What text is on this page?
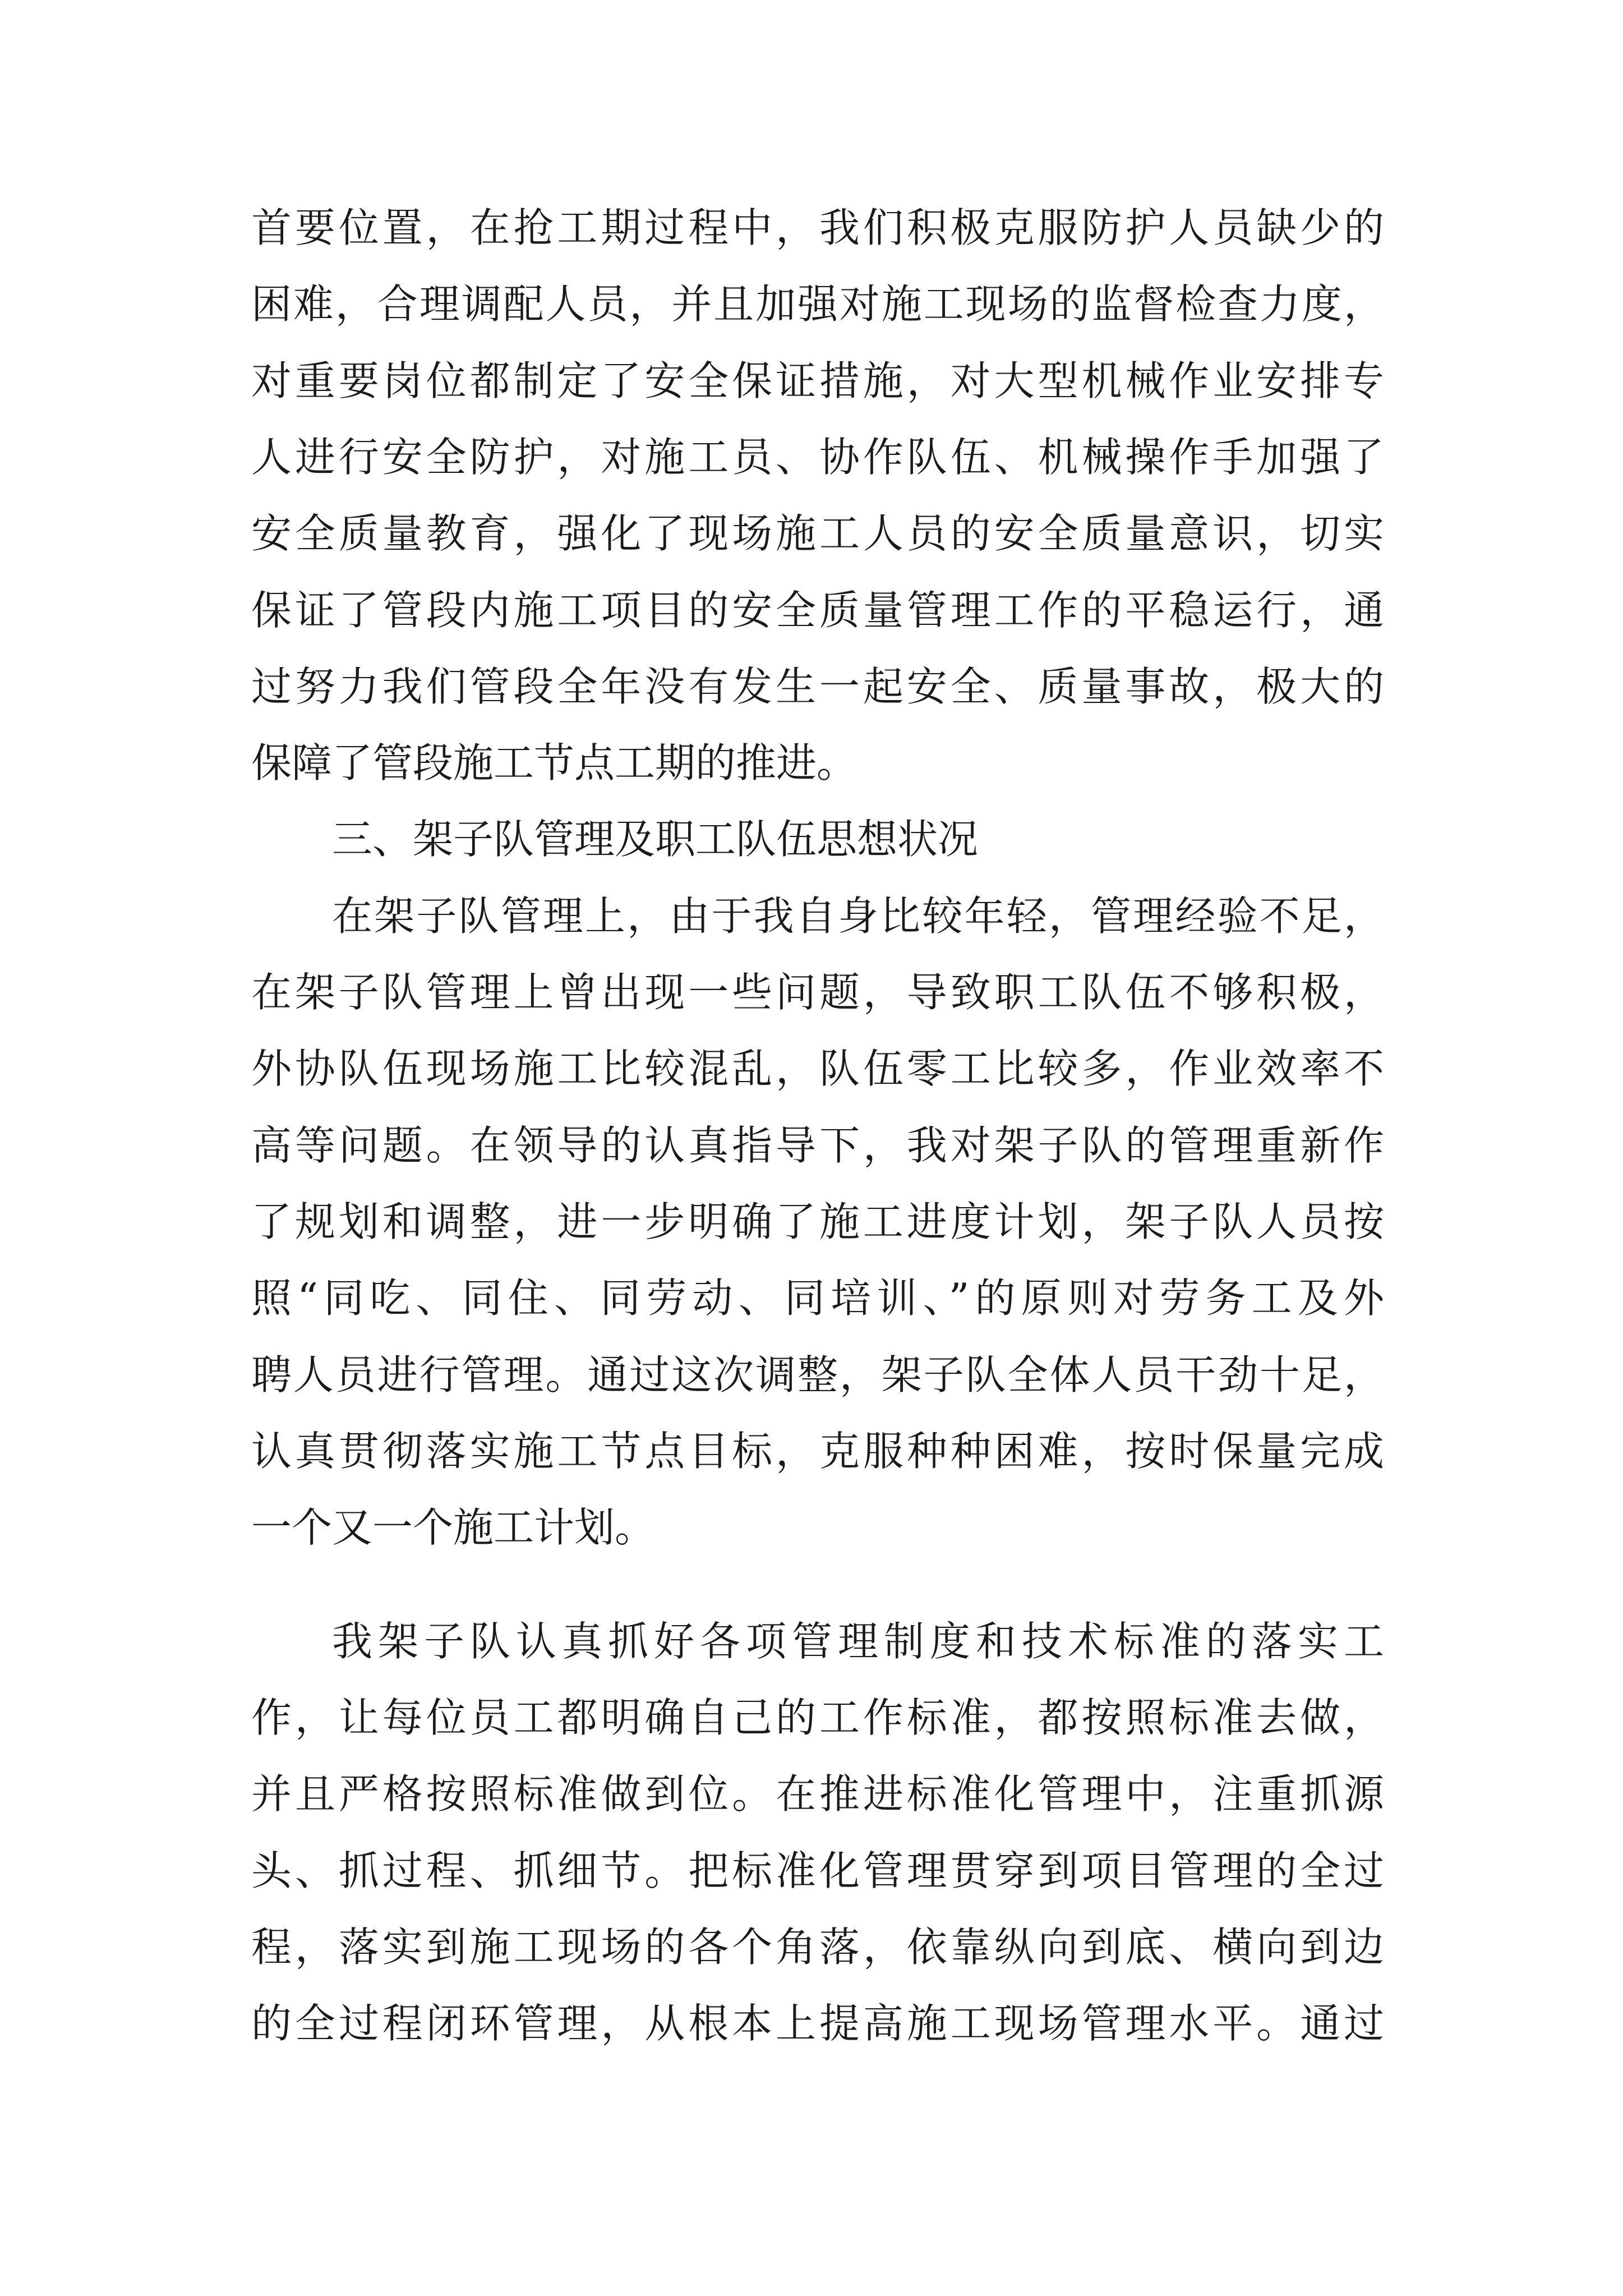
首要位置，在抢工期过程中，我们积极克服防护人员缺少的
困难，合理调配人员，并且加强对施工现场的监督检查力度，
对重要岗位都制定了安全保证措施，对大型机械作业安排专
人进行安全防护，对施工员、协作队伍、机械操作手加强了
安全质量教育，强化了现场施工人员的安全质量意识，切实
保证了管段内施工项目的安全质量管理工作的平稳运行，通
过努力我们管段全年没有发生一起安全、质量事故，极大的
保障了管段施工节点工期的推进。
三、架子队管理及职工队伍思想状况
在架子队管理上，由于我自身比较年轻，管理经验不足，
在架子队管理上曾出现一些问题，导致职工队伍不够积极，
外协队伍现场施工比较混乱，队伍零工比较多，作业效率不
高等问题。在领导的认真指导下，我对架子队的管理重新作
了规划和调整，进一步明确了施工进度计划，架子队人员按
照“同吃、同住、同劳动、同培训、”的原则对劳务工及外
聘人员进行管理。通过这次调整，架子队全体人员干劲十足，
认真贯彻落实施工节点目标，克服种种困难，按时保量完成
一个又一个施工计划。
我架子队认真抓好各项管理制度和技术标准的落实工
作，让每位员工都明确自己的工作标准，都按照标准去做，
并且严格按照标准做到位。在推进标准化管理中，注重抓源
头、抓过程、抓细节。把标准化管理贯穿到项目管理的全过
程，落实到施工现场的各个角落，依靠纵向到底、横向到边
的全过程闭环管理，从根本上提高施工现场管理水平。通过
